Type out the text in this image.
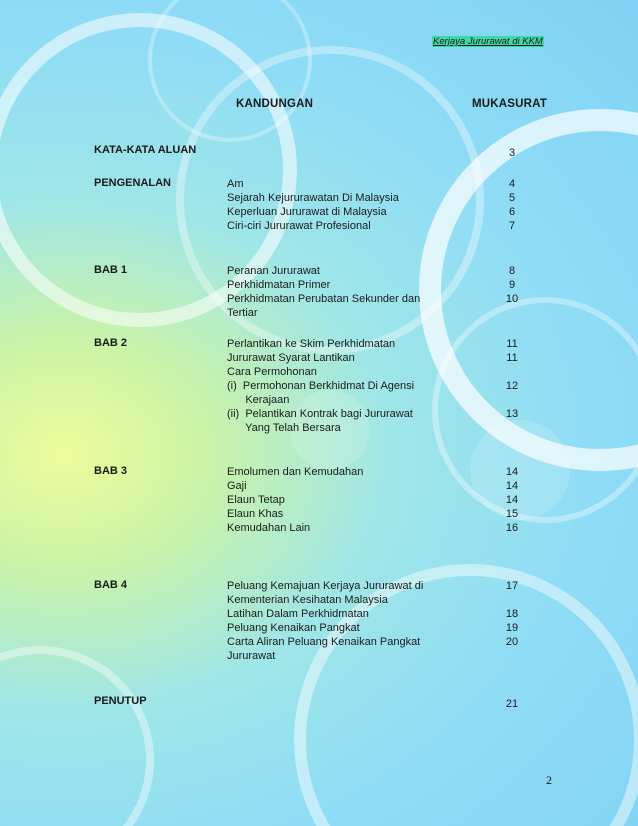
Kerjaya Jururawat di KKM
KANDUNGAN	MUKASURAT
KATA-KATA ALUAN	3
PENGENALAN	Am	4
Sejarah Kejururawatan Di Malaysia	5
Keperluan Jururawat di Malaysia	6
Ciri-ciri Jururawat Profesional	7
BAB 1	Peranan Jururawat	8
Perkhidmatan Primer	9
Perkhidmatan Perubatan Sekunder dan	10
Tertiar
BAB 2	Perlantikan ke Skim Perkhidmatan	11
Jururawat Syarat Lantikan	11
Cara Permohonan
(i)  Permohonan Berkhidmat Di Agensi	12
Kerajaan
(ii)  Pelantikan Kontrak bagi Jururawat	13
Yang Telah Bersara
BAB 3	Emolumen dan Kemudahan	14
Gaji	14
Elaun Tetap	14
Elaun Khas	15
Kemudahan Lain	16
BAB 4	Peluang Kemajuan Kerjaya Jururawat di	17
Kementerian Kesihatan Malaysia
Latihan Dalam Perkhidmatan	18
Peluang Kenaikan Pangkat	19
Carta Aliran Peluang Kenaikan Pangkat	20
Jururawat
PENUTUP	21
2
